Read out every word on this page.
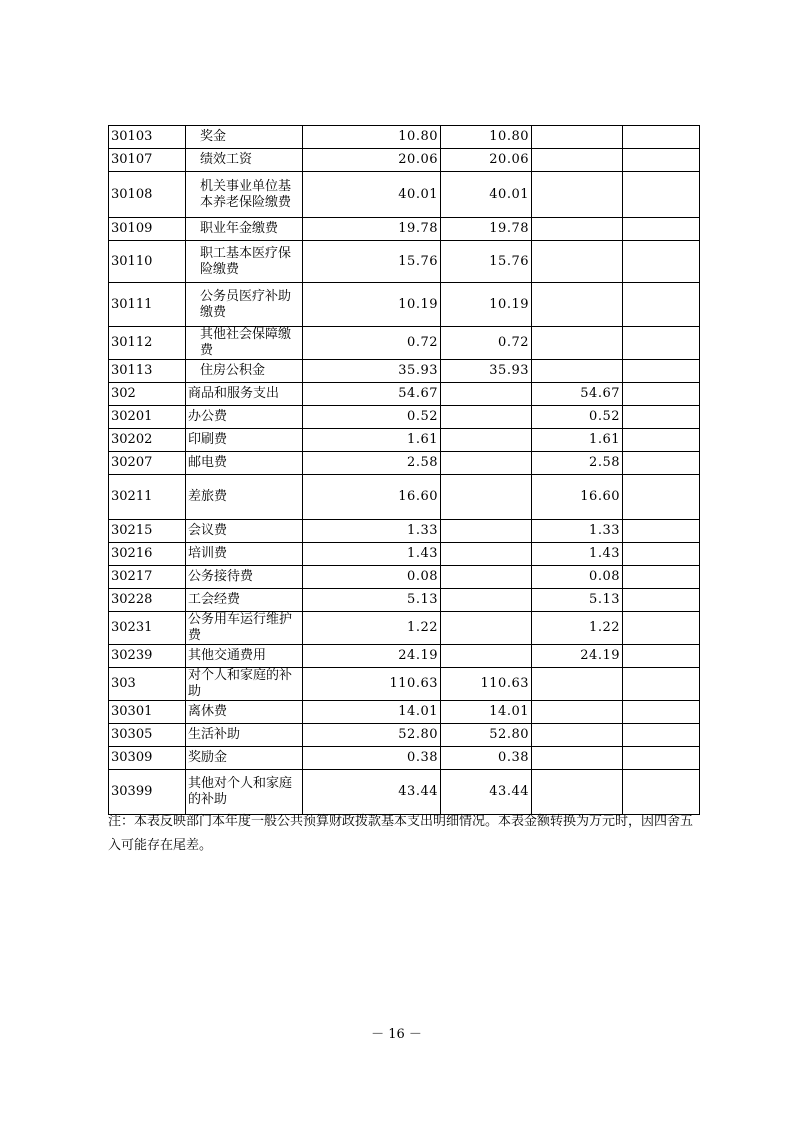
30103	奖金	10.80	10.80		
30107	绩效工资	20.06	20.06		
30108	机关事业单位基本养老保险缴费	40.01	40.01		
30109	职业年金缴费	19.78	19.78		
30110	职工基本医疗保险缴费	15.76	15.76		
30111	公务员医疗补助缴费	10.19	10.19		
30112	其他社会保障缴费	0.72	0.72		
30113	住房公积金	35.93	35.93		
302	商品和服务支出	54.67		54.67	
30201	办公费	0.52		0.52	
30202	印刷费	1.61		1.61	
30207	邮电费	2.58		2.58	
30211	差旅费	16.60		16.60	
30215	会议费	1.33		1.33	
30216	培训费	1.43		1.43	
30217	公务接待费	0.08		0.08	
30228	工会经费	5.13		5.13	
30231	公务用车运行维护费	1.22		1.22	
30239	其他交通费用	24.19		24.19	
303	对个人和家庭的补助	110.63	110.63		
30301	离休费	14.01	14.01		
30305	生活补助	52.80	52.80		
30309	奖励金	0.38	0.38		
30399	其他对个人和家庭的补助	43.44	43.44		
注：本表反映部门本年度一般公共预算财政拨款基本支出明细情况。本表金额转换为万元时，因四舍五入可能存在尾差。
－ 16 －
